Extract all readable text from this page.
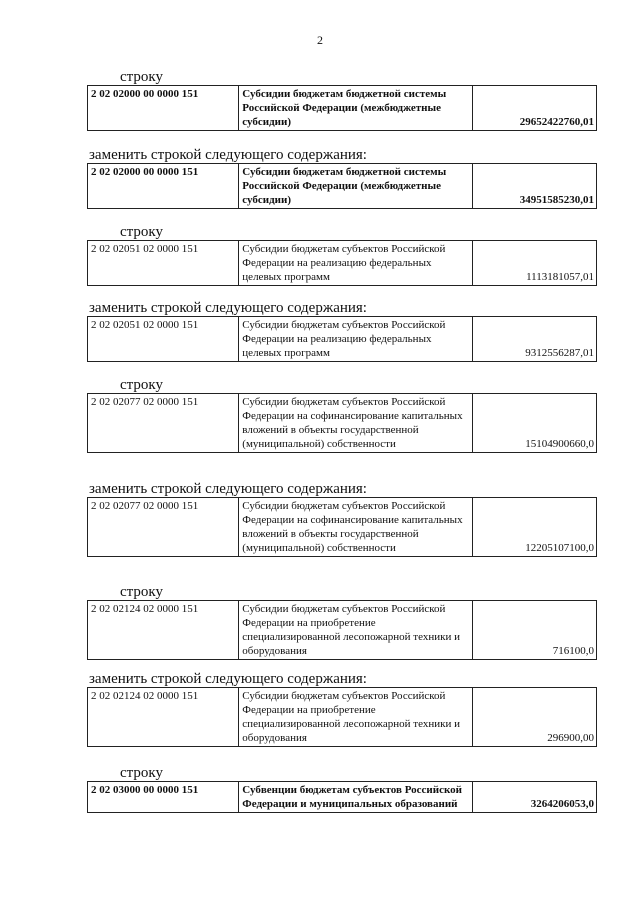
2
строку
2 02 02000 00 0000 151	Субсидии бюджетам бюджетной системы Российской Федерации (межбюджетные субсидии)	29652422760,01
заменить строкой следующего содержания:
2 02 02000 00 0000 151	Субсидии бюджетам бюджетной системы Российской Федерации (межбюджетные субсидии)	34951585230,01
строку
2 02 02051 02 0000 151	Субсидии бюджетам субъектов Российской Федерации на реализацию федеральных целевых программ	1113181057,01
заменить строкой следующего содержания:
2 02 02051 02 0000 151	Субсидии бюджетам субъектов Российской Федерации на реализацию федеральных целевых программ	9312556287,01
строку
2 02 02077 02 0000 151	Субсидии бюджетам субъектов Российской Федерации на софинансирование капитальных вложений в объекты государственной (муниципальной) собственности	15104900660,0
заменить строкой следующего содержания:
2 02 02077 02 0000 151	Субсидии бюджетам субъектов Российской Федерации на софинансирование капитальных вложений в объекты государственной (муниципальной) собственности	12205107100,0
строку
2 02 02124 02 0000 151	Субсидии бюджетам субъектов Российской Федерации на приобретение специализированной лесопожарной техники и оборудования	716100,0
заменить строкой следующего содержания:
2 02 02124 02 0000 151	Субсидии бюджетам субъектов Российской Федерации на приобретение специализированной лесопожарной техники и оборудования	296900,00
строку
2 02 03000 00 0000 151	Субвенции бюджетам субъектов Российской Федерации и муниципальных образований	3264206053,0
